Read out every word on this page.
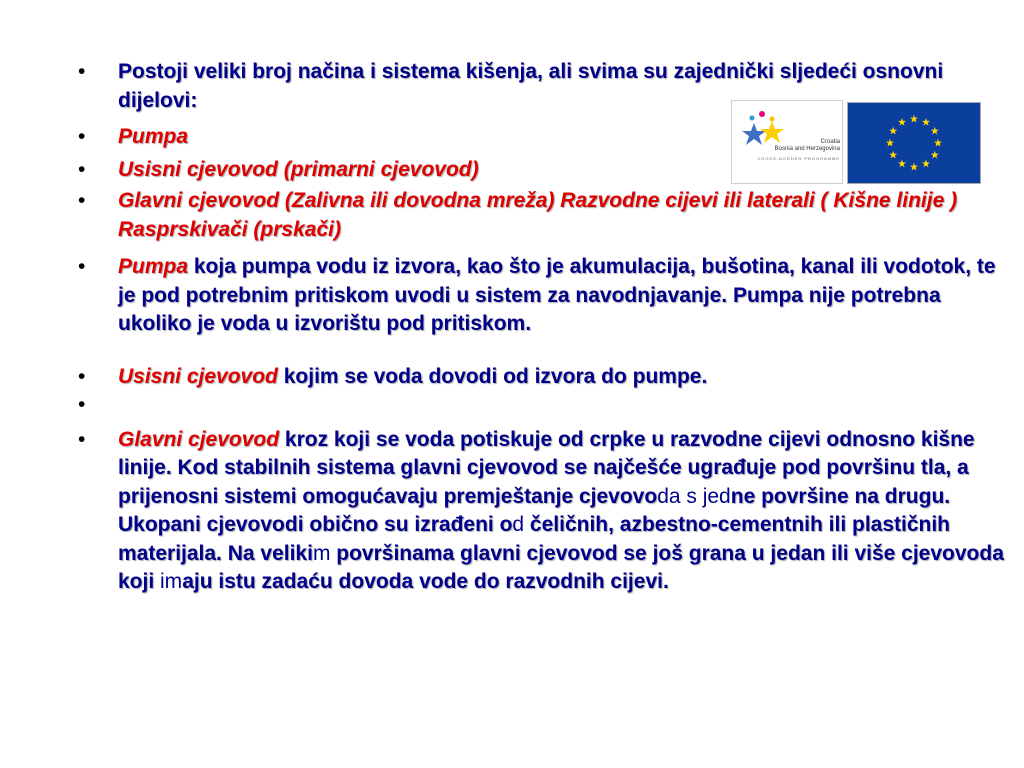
• Postoji veliki broj načina i sistema kišenja, ali svima su zajednički sljedeći osnovni dijelovi:
• Pumpa
• Usisni cjevovod (primarni cjevovod)
• Glavni cjevovod (Zalivna ili dovodna mreža) Razvodne cijevi ili laterali ( Kišne linije ) Rasprskivači (prskači)
• Pumpa koja pumpa vodu iz izvora, kao što je akumulacija, bušotina, kanal ili vodotok, te je pod potrebnim pritiskom uvodi u sistem za navodnjavanje. Pumpa nije potrebna ukoliko je voda u izvorištu pod pritiskom.
• Usisni cjevovod kojim se voda dovodi od izvora do pumpe.
•

• Glavni cjevovod kroz koji se voda potiskuje od crpke u razvodne cijevi odnosno kišne linije. Kod stabilnih sistema glavni cjevovod se najčešće ugrađuje pod površinu tla, a prijenosni sistemi omogućavaju premještanje cjevovoda s jedne površine na drugu. Ukopani cjevovodi obično su izrađeni od čeličnih, azbestno-cementnih ili plastičnih materijala. Na velikim površinama glavni cjevovod se još grana u jedan ili više cjevovoda koji imaju istu zadaću dovoda vode do razvodnih cijevi.
Croatia
Bosnia and Herzegovina
CROSS-BORDER PROGRAMME
